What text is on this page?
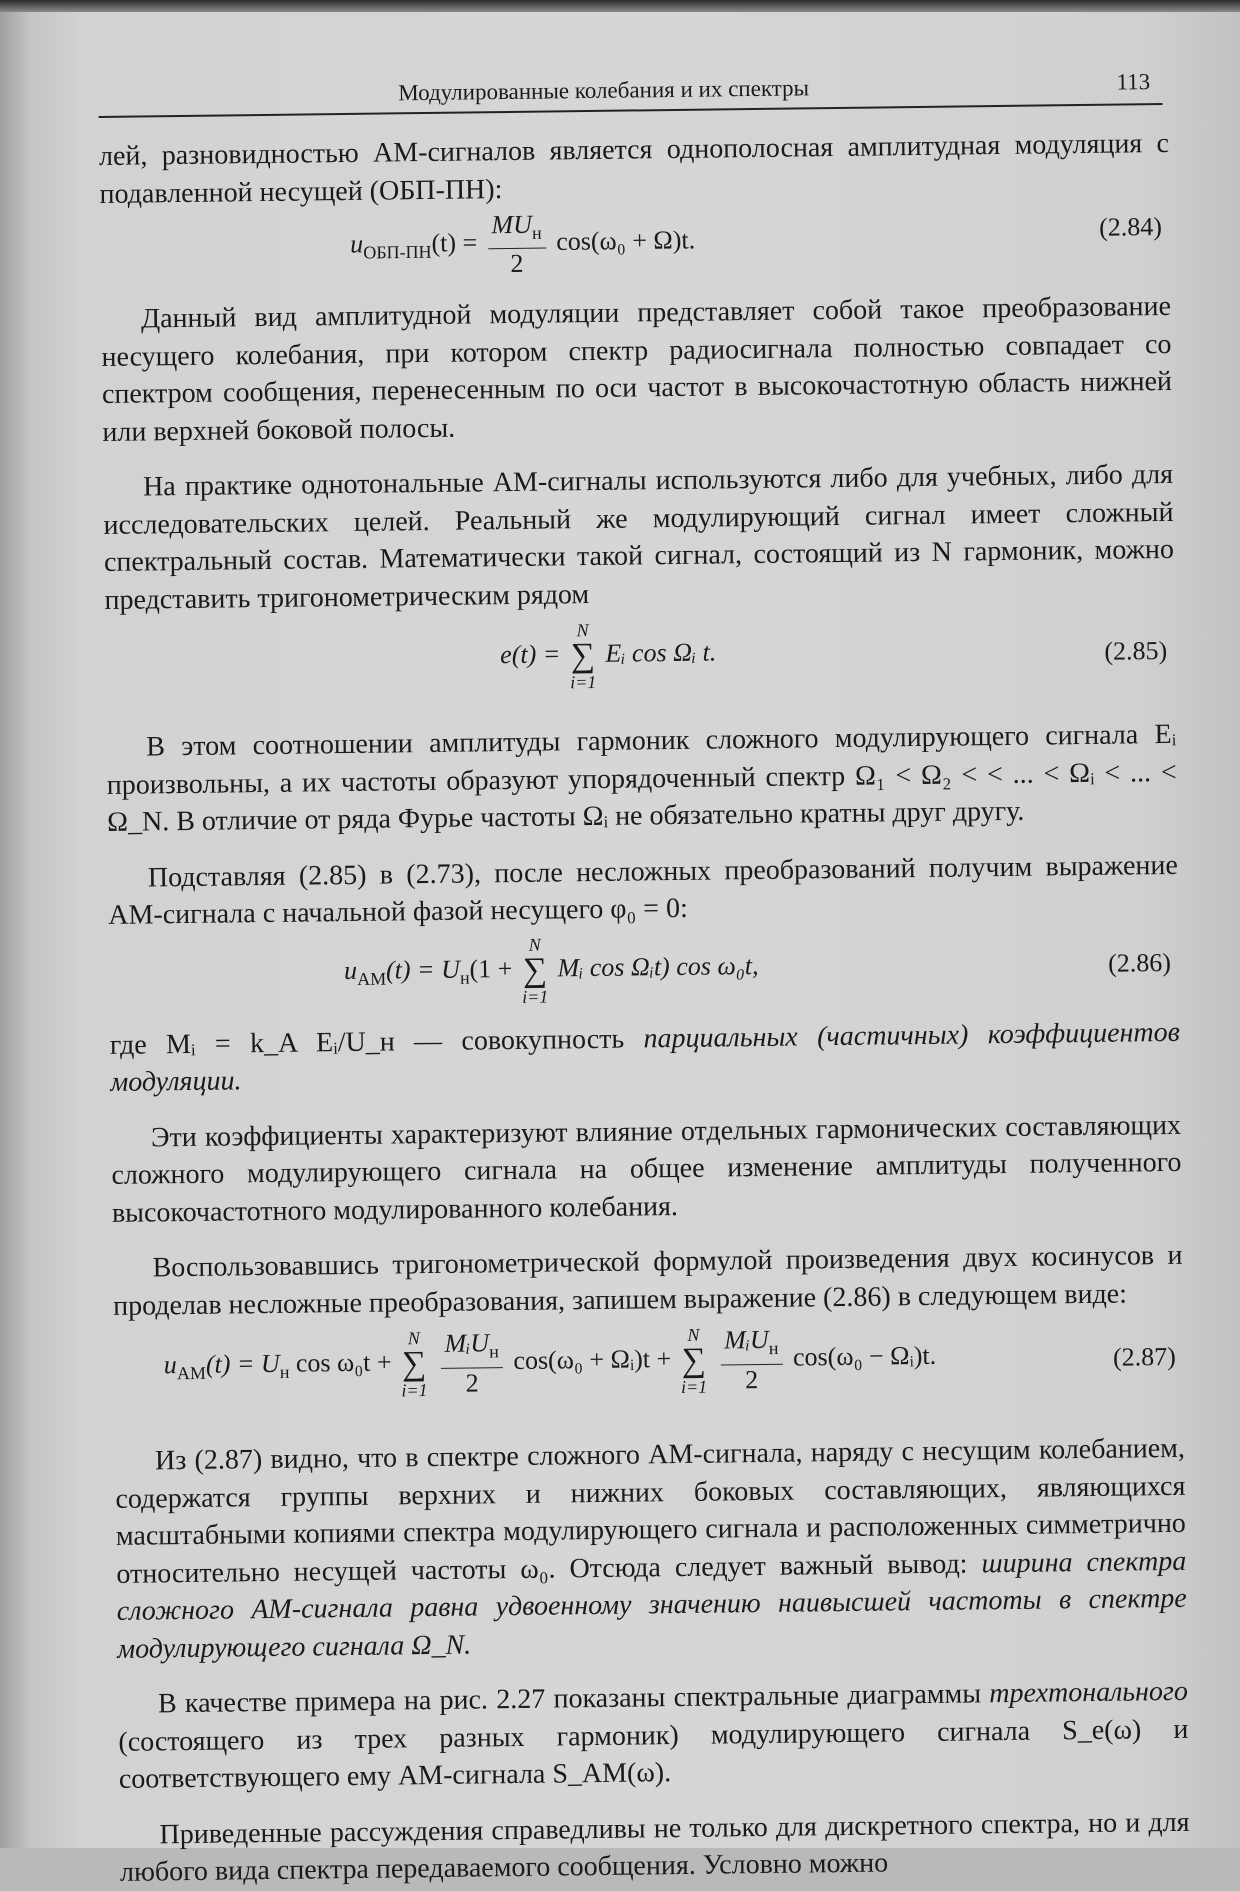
Модулированные колебания и их спектры	113

лей, разновидностью АМ-сигналов является однополосная амплитудная модуляция с подавленной несущей (ОБП-ПН):

$u_{ОБП-ПН}(t) = \frac{MU_н}{2} \cos(\omega_0 + \Omega)t$.	(2.84)

Данный вид амплитудной модуляции представляет собой такое преобразование несущего колебания, при котором спектр радиосигнала полностью совпадает со спектром сообщения, перенесенным по оси частот в высокочастотную область нижней или верхней боковой полосы.

На практике однотональные АМ-сигналы используются либо для учебных, либо для исследовательских целей. Реальный же модулирующий сигнал имеет сложный спектральный состав. Математически такой сигнал, состоящий из N гармоник, можно представить тригонометрическим рядом

e(t) =
N
∑
i=1
Eᵢ cos Ωᵢ t.	(2.85)

В этом соотношении амплитуды гармоник сложного модулирующего сигнала Eᵢ произвольны, а их частоты образуют упорядоченный спектр Ω₁ < Ω₂ < < ... < Ωᵢ < ... < Ω_N. В отличие от ряда Фурье частоты Ωᵢ не обязательно кратны друг другу.

Подставляя (2.85) в (2.73), после несложных преобразований получим выражение АМ-сигнала с начальной фазой несущего φ₀ = 0:

$u_{AM}(t) = U_н(1$ +
N
∑
i=1
Mᵢ cos Ωᵢt) cos ω₀t,	(2.86)

где Mᵢ = k_A Eᵢ/U_н — совокупность парциальных (частичных) коэффициентов модуляции.

Эти коэффициенты характеризуют влияние отдельных гармонических составляющих сложного модулирующего сигнала на общее изменение амплитуды полученного высокочастотного модулированного колебания.

Воспользовавшись тригонометрической формулой произведения двух косинусов и проделав несложные преобразования, запишем выражение (2.86) в следующем виде:

$u_{AM}(t) = U_н$ cos ω₀t +
N
∑
i=1
$\frac{MᵢU_н}{2} \cos(\omega_0$ + Ωᵢ)t +
N
∑
i=1
$\frac{MᵢU_н}{2} \cos(\omega_0$ − Ωᵢ)t.	(2.87)

Из (2.87) видно, что в спектре сложного АМ-сигнала, наряду с несущим колебанием, содержатся группы верхних и нижних боковых составляющих, являющихся масштабными копиями спектра модулирующего сигнала и расположенных симметрично относительно несущей частоты ω₀. Отсюда следует важный вывод: ширина спектра сложного АМ-сигнала равна удвоенному значению наивысшей частоты в спектре модулирующего сигнала Ω_N.

В качестве примера на рис. 2.27 показаны спектральные диаграммы трехтонального (состоящего из трех разных гармоник) модулирующего сигнала S_e(ω) и соответствующего ему АМ-сигнала S_AM(ω).

Приведенные рассуждения справедливы не только для дискретного спектра, но и для любого вида спектра передаваемого сообщения. Условно можно
